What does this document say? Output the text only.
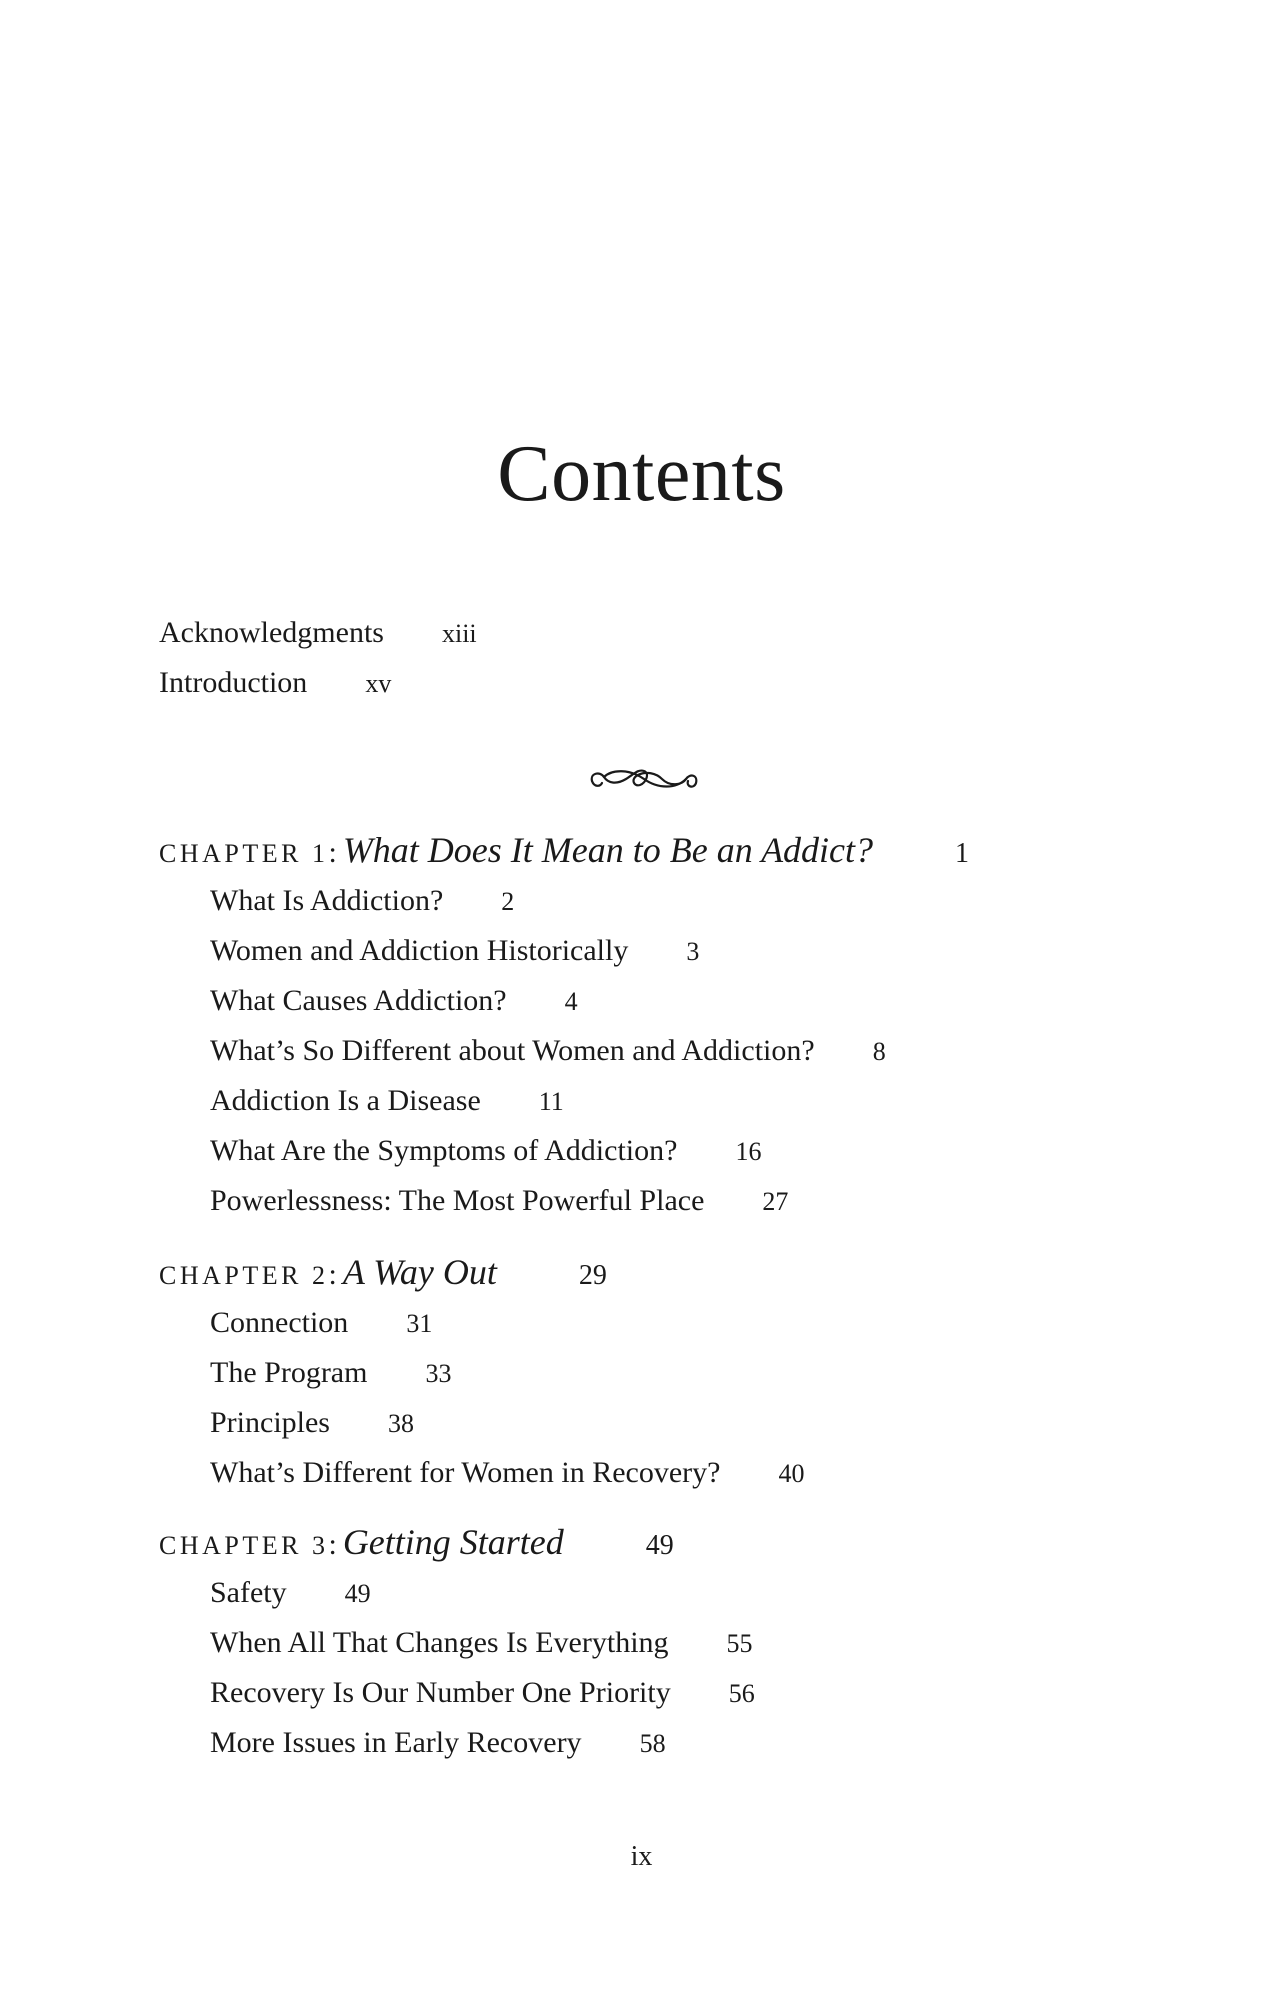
Contents
Acknowledgments xiii
Introduction xv
CHAPTER 1: What Does It Mean to Be an Addict?	1
What Is Addiction? 2
Women and Addiction Historically 3
What Causes Addiction? 4
What’s So Different about Women and Addiction? 8
Addiction Is a Disease 11
What Are the Symptoms of Addiction? 16
Powerlessness: The Most Powerful Place 27
CHAPTER 2: A Way Out	29
Connection 31
The Program 33
Principles 38
What’s Different for Women in Recovery? 40
CHAPTER 3: Getting Started	49
Safety 49
When All That Changes Is Everything 55
Recovery Is Our Number One Priority 56
More Issues in Early Recovery 58
ix
